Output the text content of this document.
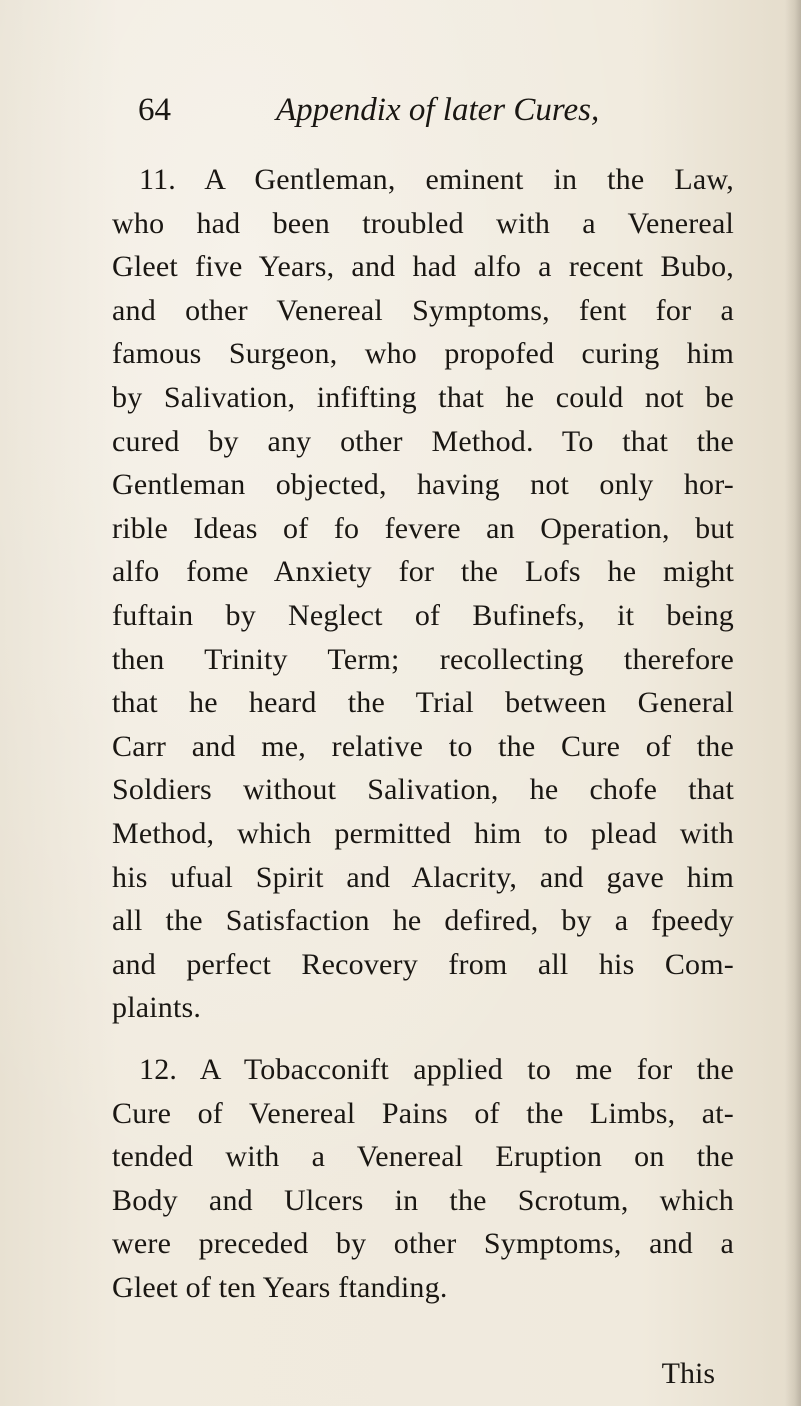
64	Appendix of later Cures,
11. A Gentleman, eminent in the Law,
who had been troubled with a Venereal
Gleet five Years, and had alfo a recent Bubo,
and other Venereal Symptoms, fent for a
famous Surgeon, who propofed curing him
by Salivation, infifting that he could not be
cured by any other Method. To that the
Gentleman objected, having not only hor-
rible Ideas of fo fevere an Operation, but
alfo fome Anxiety for the Lofs he might
fuftain by Neglect of Bufinefs, it being
then Trinity Term; recollecting therefore
that he heard the Trial between General
Carr and me, relative to the Cure of the
Soldiers without Salivation, he chofe that
Method, which permitted him to plead with
his ufual Spirit and Alacrity, and gave him
all the Satisfaction he defired, by a fpeedy
and perfect Recovery from all his Com-
plaints.
12. A Tobacconift applied to me for the
Cure of Venereal Pains of the Limbs, at-
tended with a Venereal Eruption on the
Body and Ulcers in the Scrotum, which
were preceded by other Symptoms, and a
Gleet of ten Years ftanding.
This
